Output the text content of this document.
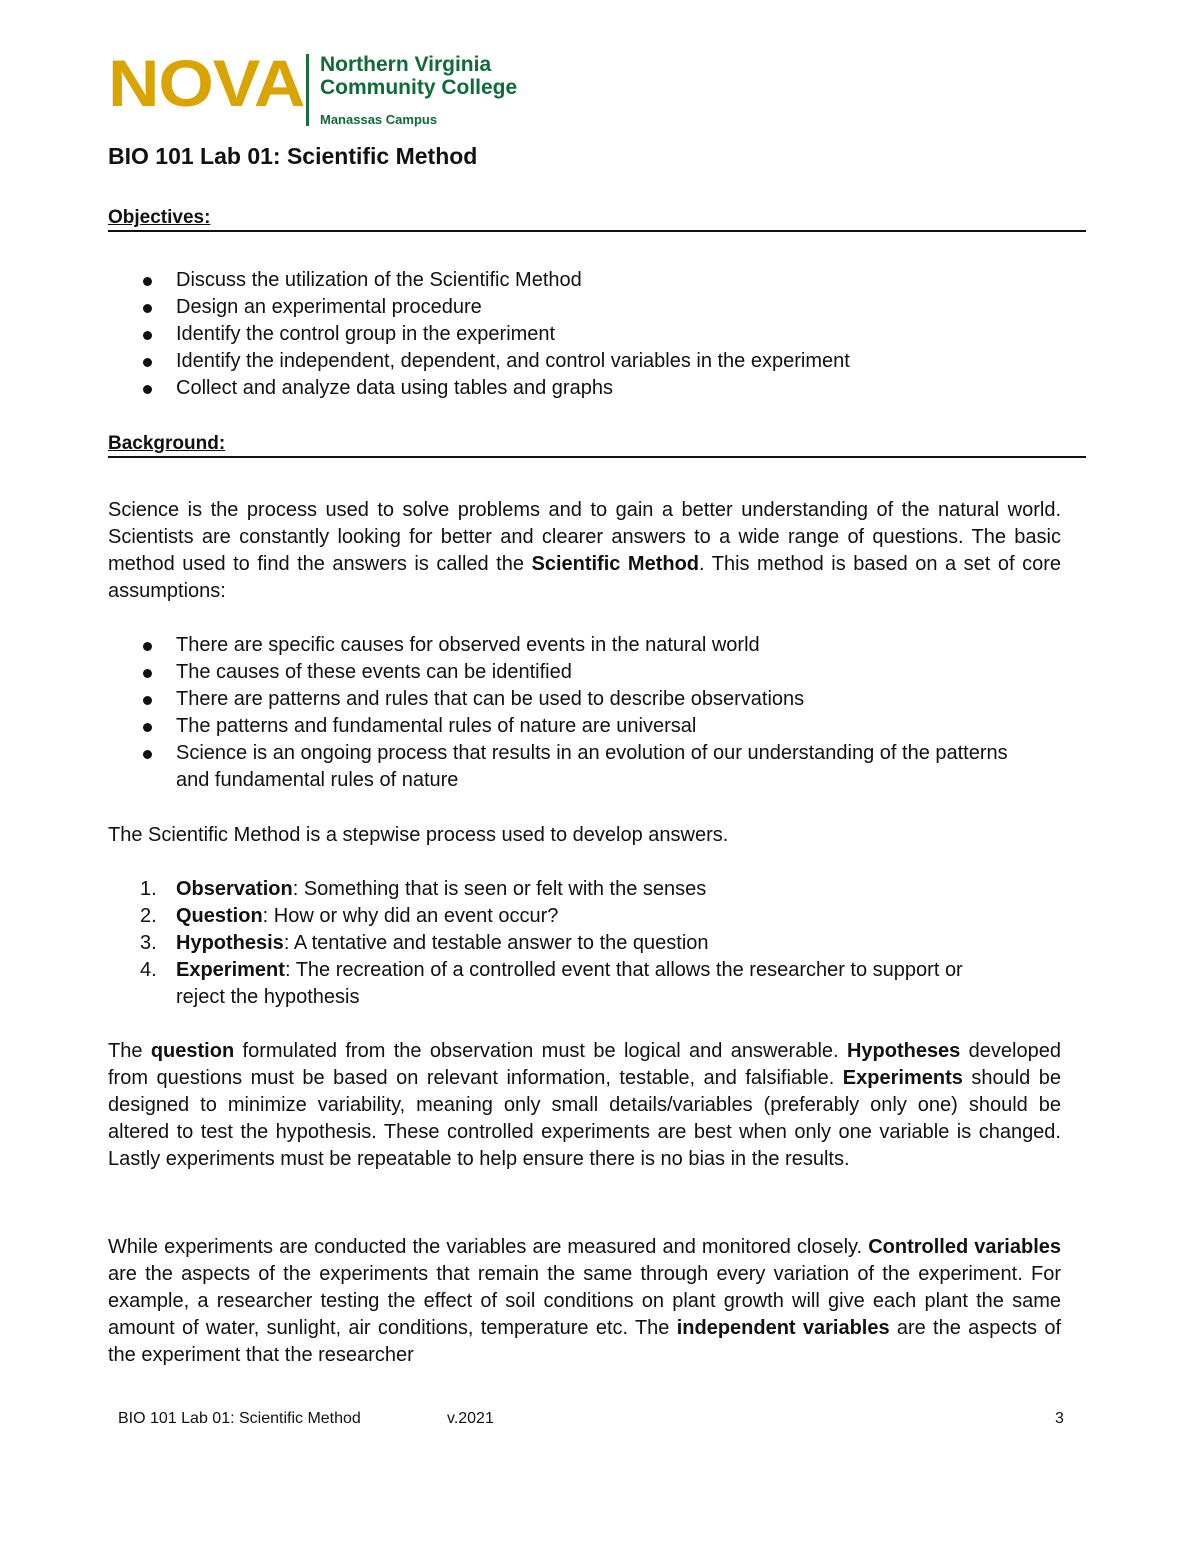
NOVA Northern Virginia
Community College
Manassas Campus
BIO 101 Lab 01: Scientific Method
Objectives:
Discuss the utilization of the Scientific Method
Design an experimental procedure
Identify the control group in the experiment
Identify the independent, dependent, and control variables in the experiment
Collect and analyze data using tables and graphs
Background:

Science is the process used to solve problems and to gain a better understanding of the natural world. Scientists are constantly looking for better and clearer answers to a wide range of questions. The basic method used to find the answers is called the Scientific Method. This method is based on a set of core assumptions:

There are specific causes for observed events in the natural world
The causes of these events can be identified
There are patterns and rules that can be used to describe observations
The patterns and fundamental rules of nature are universal
Science is an ongoing process that results in an evolution of our understanding of the patterns and fundamental rules of nature

The Scientific Method is a stepwise process used to develop answers.

1. Observation: Something that is seen or felt with the senses
2. Question: How or why did an event occur?
3. Hypothesis: A tentative and testable answer to the question
4. Experiment: The recreation of a controlled event that allows the researcher to support or reject the hypothesis

The question formulated from the observation must be logical and answerable. Hypotheses developed from questions must be based on relevant information, testable, and falsifiable. Experiments should be designed to minimize variability, meaning only small details/variables (preferably only one) should be altered to test the hypothesis. These controlled experiments are best when only one variable is changed. Lastly experiments must be repeatable to help ensure there is no bias in the results.

While experiments are conducted the variables are measured and monitored closely. Controlled variables are the aspects of the experiments that remain the same through every variation of the experiment. For example, a researcher testing the effect of soil conditions on plant growth will give each plant the same amount of water, sunlight, air conditions, temperature etc. The independent variables are the aspects of the experiment that the researcher

BIO 101 Lab 01: Scientific Method	v.2021	3
